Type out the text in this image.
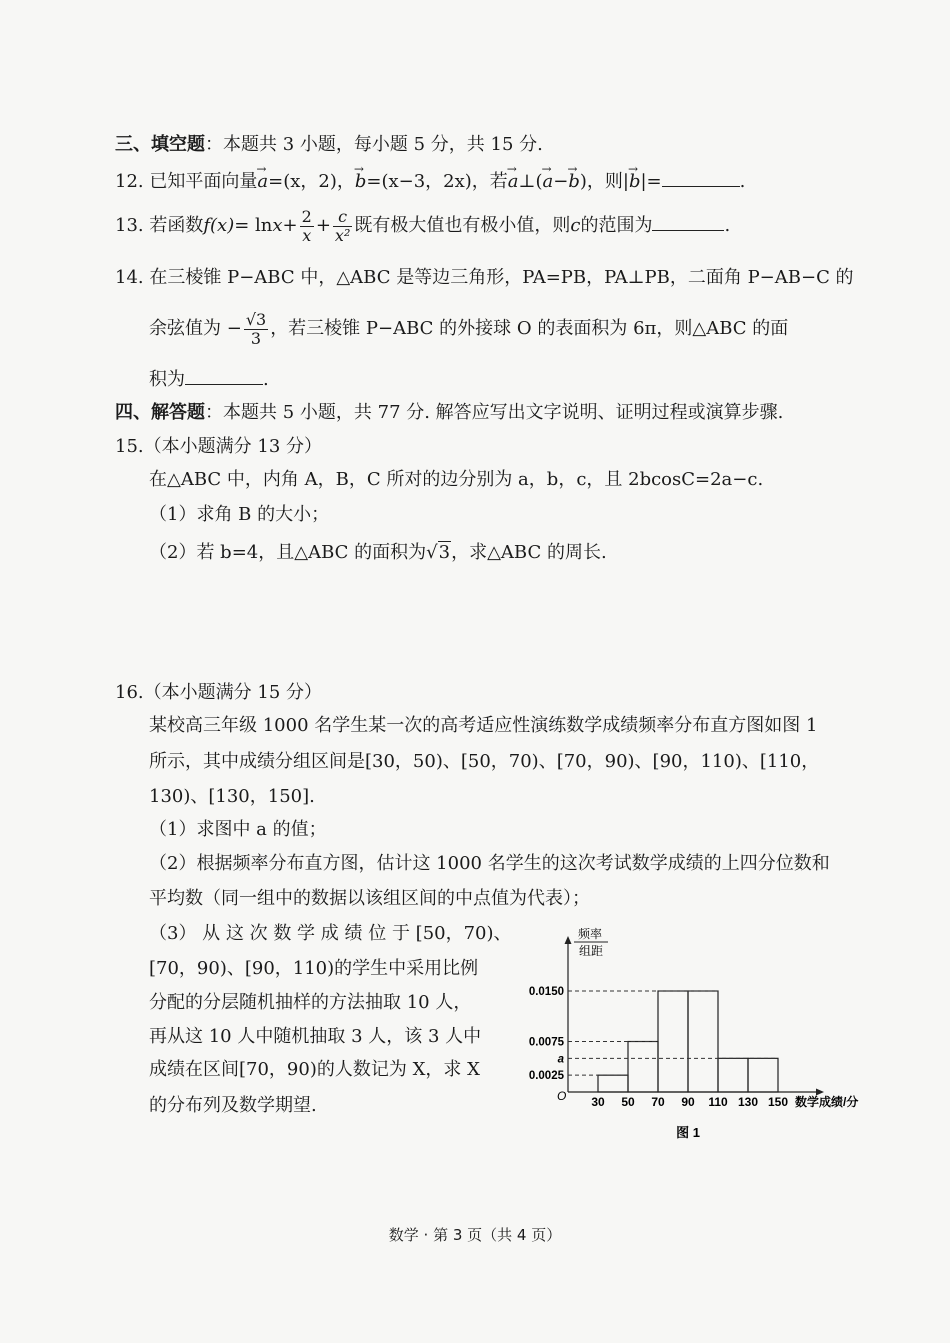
三、填空题：本题共 3 小题，每小题 5 分，共 15 分.
12. 已知平面向量→ a=(x，2)，→ b=(x−3，2x)，若→ a⊥(→ a−→ b)，则|→ b|=	.
13. 若函数$f(x)= \ln x+ \frac{2}{x} + \frac{c}{\text{x²}}$ 既有极大值也有极小值，则c的范围为	.
14. 在三棱锥 P−ABC 中，△ABC 是等边三角形，PA=PB，PA⊥PB，二面角 P−AB−C 的
余弦值为 − $\frac{√3}{3}$ ，若三棱锥 P−ABC 的外接球 O 的表面积为 6π，则△ABC 的面
积为	.
四、解答题：本题共 5 小题，共 77 分. 解答应写出文字说明、证明过程或演算步骤.
15.（本小题满分 13 分）
在△ABC 中，内角 A，B，C 所对的边分别为 a，b，c，且 2bcosC=2a−c.
（1）求角 B 的大小；
（2）若 b=4，且△ABC 的面积为√3，求△ABC 的周长.
16.（本小题满分 15 分）
某校高三年级 1000 名学生某一次的高考适应性演练数学成绩频率分布直方图如图 1
所示，其中成绩分组区间是[30，50)、[50，70)、[70，90)、[90，110)、[110，
130)、[130，150].
（1）求图中 a 的值；
（2）根据频率分布直方图，估计这 1000 名学生的这次考试数学成绩的上四分位数和
平均数（同一组中的数据以该组区间的中点值为代表）；
（3） 从 这 次 数 学 成 绩 位 于 [50，70)、
[70，90)、[90，110)的学生中采用比例
分配的分层随机抽样的方法抽取 10 人，
再从这 10 人中随机抽取 3 人，该 3 人中
成绩在区间[70，90)的人数记为 X，求 X
的分布列及数学期望.
频率
组距
O	数学成绩/分
0.0150
0.0075
a
0.0025
30 50 70 90 110 130 150
图 1
数学 · 第 3 页（共 4 页）
